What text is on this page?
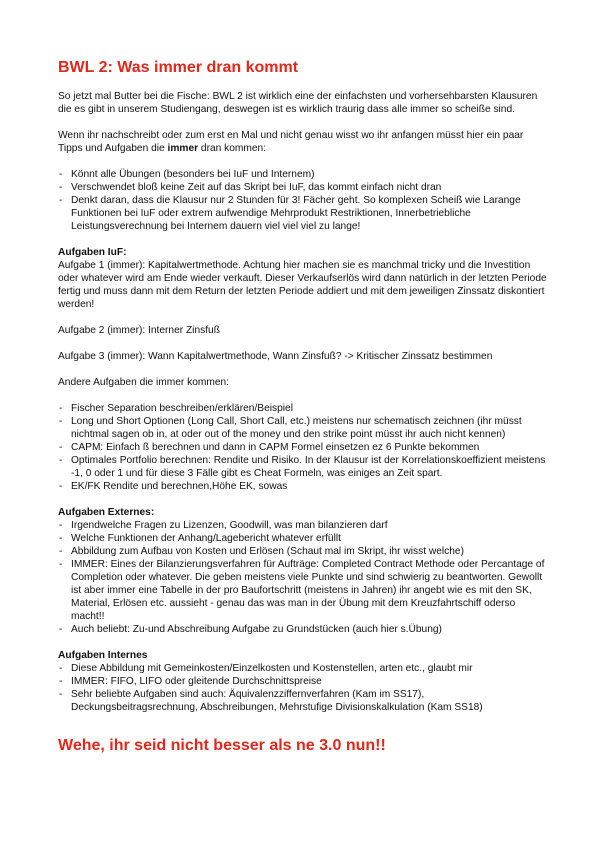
BWL 2: Was immer dran kommt

So jetzt mal Butter bei die Fische: BWL 2 ist wirklich eine der einfachsten und vorhersehbarsten Klausuren die es gibt in unserem Studiengang, deswegen ist es wirklich traurig dass alle immer so scheiße sind.

Wenn ihr nachschreibt oder zum erst en Mal und nicht genau wisst wo ihr anfangen müsst hier ein paar Tipps und Aufgaben die immer dran kommen:

- Könnt alle Übungen (besonders bei IuF und Internem)
- Verschwendet bloß keine Zeit auf das Skript bei IuF, das kommt einfach nicht dran
- Denkt daran, dass die Klausur nur 2 Stunden für 3! Fächer geht. So komplexen Scheiß wie Larange Funktionen bei IuF oder extrem aufwendige Mehrprodukt Restriktionen, Innerbetriebliche Leistungsverechnung bei Internem dauern viel viel viel zu lange!

Aufgaben IuF:

Aufgabe 1 (immer): Kapitalwertmethode. Achtung hier machen sie es manchmal tricky und die Investition oder whatever wird am Ende wieder verkauft. Dieser Verkaufserlös wird dann natürlich in der letzten Periode fertig und muss dann mit dem Return der letzten Periode addiert und mit dem jeweiligen Zinssatz diskontiert werden!

Aufgabe 2 (immer): Interner Zinsfuß

Aufgabe 3 (immer): Wann Kapitalwertmethode, Wann Zinsfuß? -> Kritischer Zinssatz bestimmen

Andere Aufgaben die immer kommen:

- Fischer Separation beschreiben/erklären/Beispiel
- Long und Short Optionen (Long Call, Short Call, etc.) meistens nur schematisch zeichnen (ihr müsst nichtmal sagen ob in, at oder out of the money und den strike point müsst ihr auch nicht kennen)
- CAPM: Einfach ß berechnen und dann in CAPM Formel einsetzen ez 6 Punkte bekommen
- Optimales Portfolio berechnen: Rendite und Risiko. In der Klausur ist der Korrelationskoeffizient meistens -1, 0 oder 1 und für diese 3 Fälle gibt es Cheat Formeln, was einiges an Zeit spart.
- EK/FK Rendite und berechnen,Höhe EK, sowas

Aufgaben Externes:

- Irgendwelche Fragen zu Lizenzen, Goodwill, was man bilanzieren darf
- Welche Funktionen der Anhang/Lagebericht whatever erfüllt
- Abbildung zum Aufbau von Kosten und Erlösen (Schaut mal im Skript, ihr wisst welche)
- IMMER: Eines der Bilanzierungsverfahren für Aufträge: Completed Contract Methode oder Percantage of Completion oder whatever. Die geben meistens viele Punkte und sind schwierig zu beantworten. Gewollt ist aber immer eine Tabelle in der pro Baufortschritt (meistens in Jahren) ihr angebt wie es mit den SK, Material, Erlösen etc. aussieht - genau das was man in der Übung mit dem Kreuzfahrtschiff oderso macht!!
- Auch beliebt: Zu-und Abschreibung Aufgabe zu Grundstücken (auch hier s.Übung)

Aufgaben Internes

- Diese Abbildung mit Gemeinkosten/Einzelkosten und Kostenstellen, arten etc., glaubt mir
- IMMER: FIFO, LIFO oder gleitende Durchschnittspreise
- Sehr beliebte Aufgaben sind auch: Äquivalenzziffernverfahren (Kam im SS17), Deckungsbeitragsrechnung, Abschreibungen, Mehrstufige Divisionskalkulation (Kam SS18)

Wehe, ihr seid nicht besser als ne 3.0 nun!!
